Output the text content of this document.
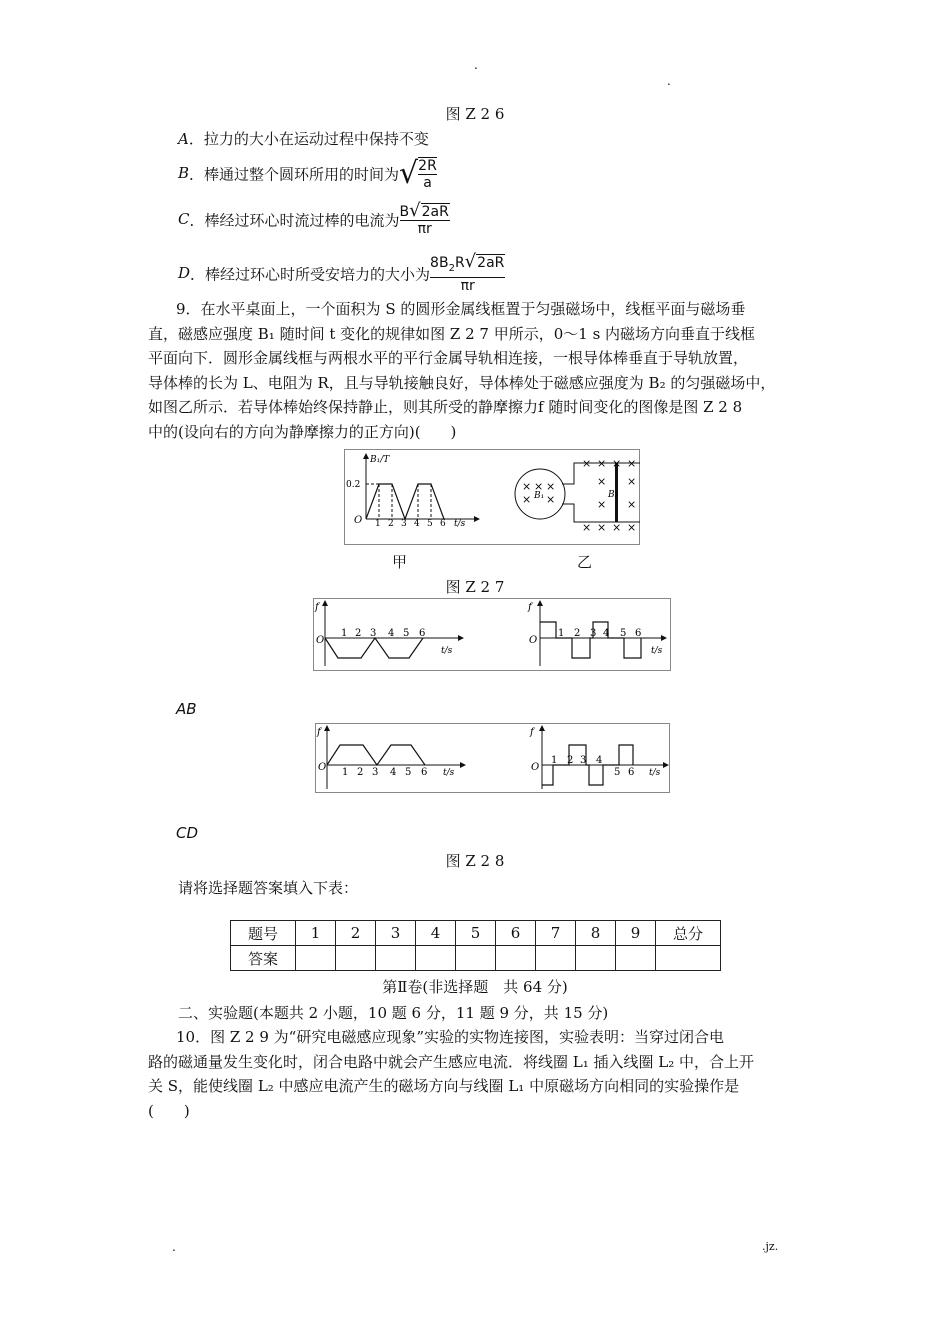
.
.
图 Z 2 6
A．拉力的大小在运动过程中保持不变
B．棒通过整个圆环所用的时间为√ $\frac{2R}{a}$
C．棒经过环心时流过棒的电流为 $\frac{B√2aR}{\pi r}$
D．棒经过环心时所受安培力的大小为 $\frac{8B_2R√2aR}{\pi r}$
9．在水平桌面上，一个面积为 S 的圆形金属线框置于匀强磁场中，线框平面与磁场垂
直，磁感应强度 B₁ 随时间 t 变化的规律如图 Z 2 7 甲所示，0～1 s 内磁场方向垂直于线框
平面向下．圆形金属线框与两根水平的平行金属导轨相连接，一根导体棒垂直于导轨放置，
导体棒的长为 L、电阻为 R，且与导轨接触良好，导体棒处于磁感应强度为 B₂ 的匀强磁场中，
如图乙所示．若导体棒始终保持静止，则其所受的静摩擦力f 随时间变化的图像是图 Z 2 8
中的(设向右的方向为静摩擦力的正方向)(　　)
B₁/T
0.2
O 1 2 3 4 5 6 t/s
× × ×
× ×
B₁
× × × ×
× ×
× ×
× × × ×
B₂
甲	乙
图 Z 2 7
f
O
1 2 3 4 5 6
t/s
f
O
1 2 3 4 5 6
t/s
AB
f
O 1 2 3 4 5 6 t/s
f
O
1 2 3 4
5 6 t/s
CD
图 Z 2 8
请将选择题答案填入下表：
题号	1	2	3	4	5	6	7	8	9	总分
答案										
第Ⅱ卷(非选择题　共 64 分)
二、实验题(本题共 2 小题，10 题 6 分，11 题 9 分，共 15 分)
10．图 Z 2 9 为“研究电磁感应现象”实验的实物连接图，实验表明：当穿过闭合电
路的磁通量发生变化时，闭合电路中就会产生感应电流．将线圈 L₁ 插入线圈 L₂ 中，合上开
关 S，能使线圈 L₂ 中感应电流产生的磁场方向与线圈 L₁ 中原磁场方向相同的实验操作是
(　　)
.	.jz.
